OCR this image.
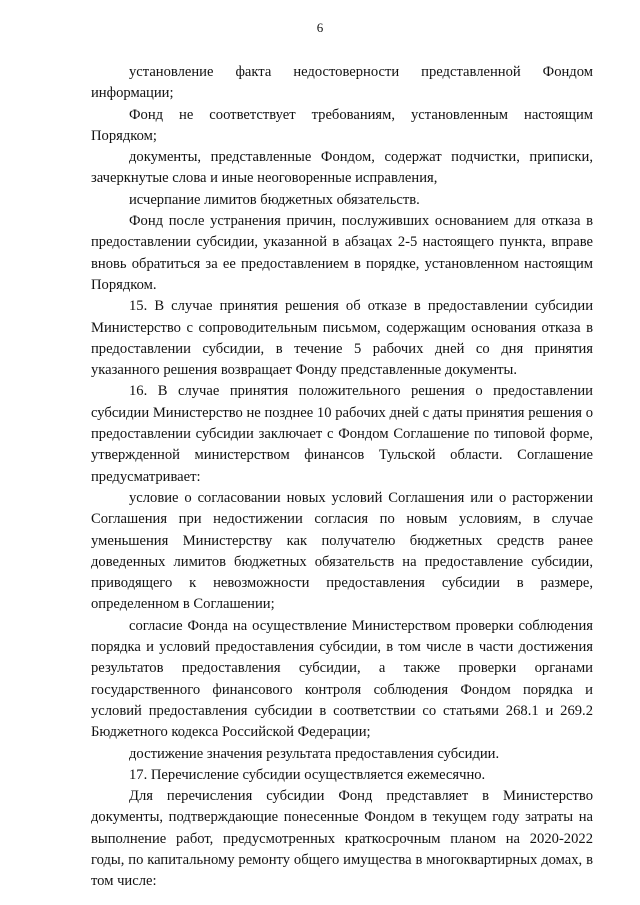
6

установление факта недостоверности представленной Фондом информации;

Фонд не соответствует требованиям, установленным настоящим Порядком;

документы, представленные Фондом, содержат подчистки, приписки, зачеркнутые слова и иные неоговоренные исправления,

исчерпание лимитов бюджетных обязательств.

Фонд после устранения причин, послуживших основанием для отказа в предоставлении субсидии, указанной в абзацах 2-5 настоящего пункта, вправе вновь обратиться за ее предоставлением в порядке, установленном настоящим Порядком.

15. В случае принятия решения об отказе в предоставлении субсидии Министерство с сопроводительным письмом, содержащим основания отказа в предоставлении субсидии, в течение 5 рабочих дней со дня принятия указанного решения возвращает Фонду представленные документы.

16. В случае принятия положительного решения о предоставлении субсидии Министерство не позднее 10 рабочих дней с даты принятия решения о предоставлении субсидии заключает с Фондом Соглашение по типовой форме, утвержденной министерством финансов Тульской области. Соглашение предусматривает:

условие о согласовании новых условий Соглашения или о расторжении Соглашения при недостижении согласия по новым условиям, в случае уменьшения Министерству как получателю бюджетных средств ранее доведенных лимитов бюджетных обязательств на предоставление субсидии, приводящего к невозможности предоставления субсидии в размере, определенном в Соглашении;

согласие Фонда на осуществление Министерством проверки соблюдения порядка и условий предоставления субсидии, в том числе в части достижения результатов предоставления субсидии, а также проверки органами государственного финансового контроля соблюдения Фондом порядка и условий предоставления субсидии в соответствии со статьями 268.1 и 269.2 Бюджетного кодекса Российской Федерации;

достижение значения результата предоставления субсидии.

17. Перечисление субсидии осуществляется ежемесячно.

Для перечисления субсидии Фонд представляет в Министерство документы, подтверждающие понесенные Фондом в текущем году затраты на выполнение работ, предусмотренных краткосрочным планом на 2020-2022 годы, по капитальному ремонту общего имущества в многоквартирных домах, в том числе:
